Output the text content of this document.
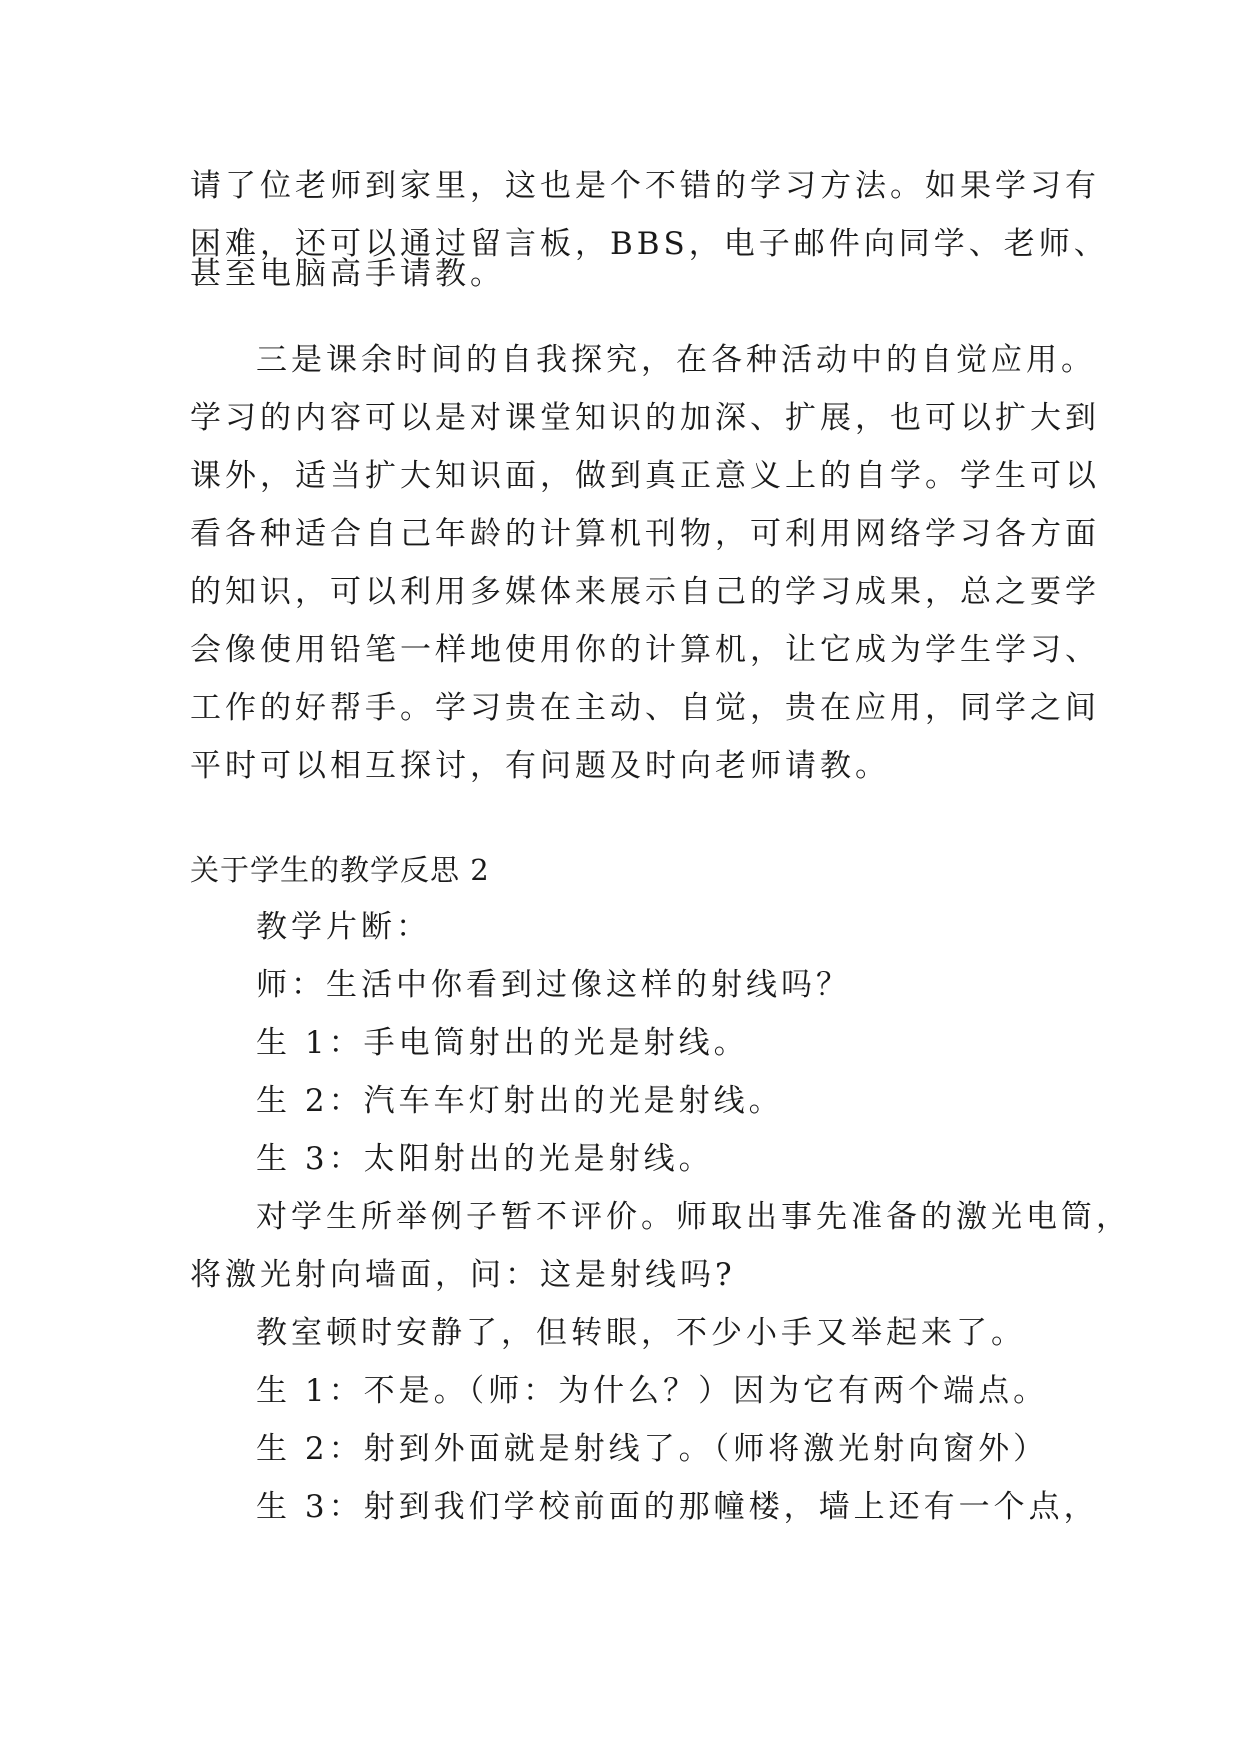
请了位老师到家里，这也是个不错的学习方法。如果学习有
困难，还可以通过留言板，BBS，电子邮件向同学、老师、
甚至电脑高手请教。
三是课余时间的自我探究，在各种活动中的自觉应用。
学习的内容可以是对课堂知识的加深、扩展，也可以扩大到
课外，适当扩大知识面，做到真正意义上的自学。学生可以
看各种适合自己年龄的计算机刊物，可利用网络学习各方面
的知识，可以利用多媒体来展示自己的学习成果，总之要学
会像使用铅笔一样地使用你的计算机，让它成为学生学习、
工作的好帮手。学习贵在主动、自觉，贵在应用，同学之间
平时可以相互探讨，有问题及时向老师请教。
关于学生的教学反思 2
教学片断：
师：生活中你看到过像这样的射线吗？
生 1：手电筒射出的光是射线。
生 2：汽车车灯射出的光是射线。
生 3：太阳射出的光是射线。
对学生所举例子暂不评价。师取出事先准备的激光电筒，
将激光射向墙面，问：这是射线吗?
教室顿时安静了，但转眼，不少小手又举起来了。
生 1：不是。（师：为什么？）因为它有两个端点。
生 2：射到外面就是射线了。（师将激光射向窗外）
生 3：射到我们学校前面的那幢楼，墙上还有一个点，
